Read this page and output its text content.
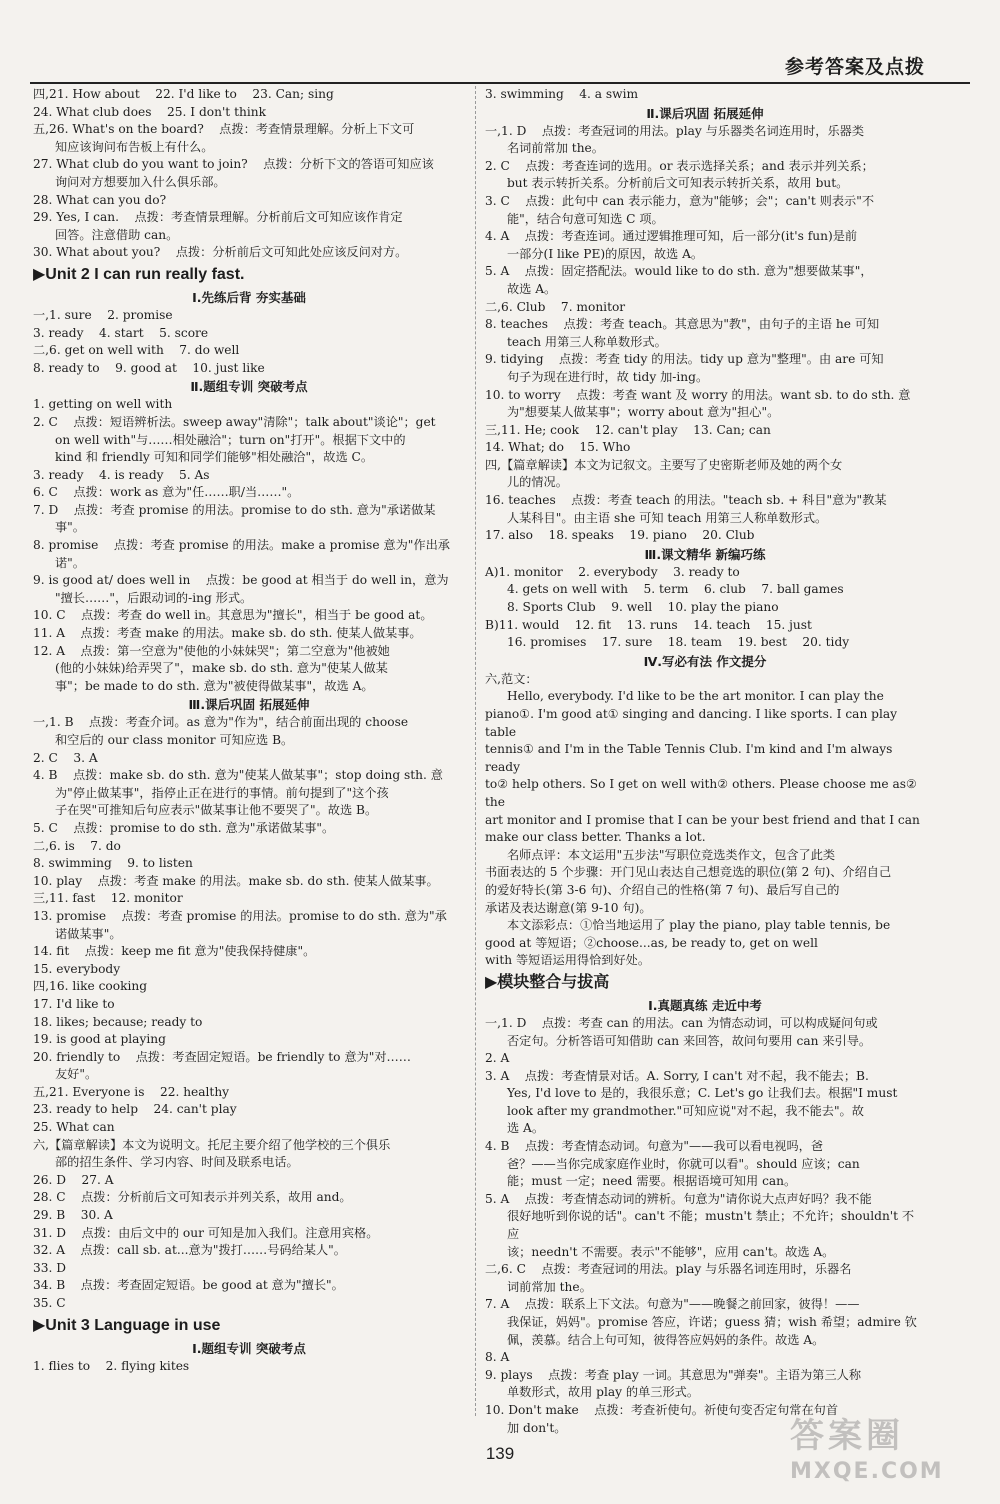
参考答案及点拨
四,21. How about    22. I'd like to    23. Can; sing
24. What club does    25. I don't think
五,26. What's on the board?    点拨：考查情景理解。分析上下文可
知应该询问布告板上有什么。
27. What club do you want to join?    点拨：分析下文的答语可知应该
询问对方想要加入什么俱乐部。
28. What can you do?
29. Yes, I can.    点拨：考查情景理解。分析前后文可知应该作肯定
回答。注意借助 can。
30. What about you?    点拨：分析前后文可知此处应该反问对方。
▶Unit 2 I can run really fast.
Ⅰ.先练后背 夯实基础
一,1. sure    2. promise
3. ready    4. start    5. score
二,6. get on well with    7. do well
8. ready to    9. good at    10. just like
Ⅱ.题组专训 突破考点
1. getting on well with
2. C    点拨：短语辨析法。sweep away"清除"；talk about"谈论"；get
on well with"与……相处融洽"；turn on"打开"。根据下文中的
kind 和 friendly 可知和同学们能够"相处融洽"，故选 C。
3. ready    4. is ready    5. As
6. C    点拨：work as 意为"任……职/当……"。
7. D    点拨：考查 promise 的用法。promise to do sth. 意为"承诺做某
事"。
8. promise    点拨：考查 promise 的用法。make a promise 意为"作出承
诺"。
9. is good at/ does well in    点拨：be good at 相当于 do well in，意为
"擅长……"，后跟动词的-ing 形式。
10. C    点拨：考查 do well in。其意思为"擅长"，相当于 be good at。
11. A    点拨：考查 make 的用法。make sb. do sth. 使某人做某事。
12. A    点拨：第一空意为"使他的小妹妹哭"；第二空意为"他被她
(他的小妹妹)给弄哭了"，make sb. do sth. 意为"使某人做某
事"；be made to do sth. 意为"被使得做某事"，故选 A。
Ⅲ.课后巩固 拓展延伸
一,1. B    点拨：考查介词。as 意为"作为"，结合前面出现的 choose
和空后的 our class monitor 可知应选 B。
2. C    3. A
4. B    点拨：make sb. do sth. 意为"使某人做某事"；stop doing sth. 意
为"停止做某事"，指停止正在进行的事情。前句提到了"这个孩
子在哭"可推知后句应表示"做某事让他不要哭了"。故选 B。
5. C    点拨：promise to do sth. 意为"承诺做某事"。
二,6. is    7. do
8. swimming    9. to listen
10. play    点拨：考查 make 的用法。make sb. do sth. 使某人做某事。
三,11. fast    12. monitor
13. promise    点拨：考查 promise 的用法。promise to do sth. 意为"承
诺做某事"。
14. fit    点拨：keep me fit 意为"使我保持健康"。
15. everybody
四,16. like cooking
17. I'd like to
18. likes; because; ready to
19. is good at playing
20. friendly to    点拨：考查固定短语。be friendly to 意为"对……
友好"。
五,21. Everyone is    22. healthy
23. ready to help    24. can't play
25. What can
六,【篇章解读】本文为说明文。托尼主要介绍了他学校的三个俱乐
部的招生条件、学习内容、时间及联系电话。
26. D    27. A
28. C    点拨：分析前后文可知表示并列关系，故用 and。
29. B    30. A
31. D    点拨：由后文中的 our 可知是加入我们。注意用宾格。
32. A    点拨：call sb. at...意为"拨打……号码给某人"。
33. D
34. B    点拨：考查固定短语。be good at 意为"擅长"。
35. C
▶Unit 3 Language in use
Ⅰ.题组专训 突破考点
1. flies to    2. flying kites
3. swimming    4. a swim
Ⅱ.课后巩固 拓展延伸
一,1. D    点拨：考查冠词的用法。play 与乐器类名词连用时，乐器类
名词前常加 the。
2. C    点拨：考查连词的选用。or 表示选择关系；and 表示并列关系；
but 表示转折关系。分析前后文可知表示转折关系，故用 but。
3. C    点拨：此句中 can 表示能力，意为"能够；会"；can't 则表示"不
能"，结合句意可知选 C 项。
4. A    点拨：考查连词。通过逻辑推理可知，后一部分(it's fun)是前
一部分(I like PE)的原因，故选 A。
5. A    点拨：固定搭配法。would like to do sth. 意为"想要做某事"，
故选 A。
二,6. Club    7. monitor
8. teaches    点拨：考查 teach。其意思为"教"，由句子的主语 he 可知
teach 用第三人称单数形式。
9. tidying    点拨：考查 tidy 的用法。tidy up 意为"整理"。由 are 可知
句子为现在进行时，故 tidy 加-ing。
10. to worry    点拨：考查 want 及 worry 的用法。want sb. to do sth. 意
为"想要某人做某事"；worry about 意为"担心"。
三,11. He; cook    12. can't play    13. Can; can
14. What; do    15. Who
四,【篇章解读】本文为记叙文。主要写了史密斯老师及她的两个女
儿的情况。
16. teaches    点拨：考查 teach 的用法。"teach sb. + 科目"意为"教某
人某科目"。由主语 she 可知 teach 用第三人称单数形式。
17. also    18. speaks    19. piano    20. Club
Ⅲ.课文精华 新编巧练
A)1. monitor    2. everybody    3. ready to
4. gets on well with    5. term    6. club    7. ball games
8. Sports Club    9. well    10. play the piano
B)11. would    12. fit    13. runs    14. teach    15. just
16. promises    17. sure    18. team    19. best    20. tidy
Ⅳ.写必有法 作文提分
六,范文：
Hello, everybody. I'd like to be the art monitor. I can play the
piano①. I'm good at① singing and dancing. I like sports. I can play table
tennis① and I'm in the Table Tennis Club. I'm kind and I'm always ready
to② help others. So I get on well with② others. Please choose me as② the
art monitor and I promise that I can be your best friend and that I can
make our class better. Thanks a lot.
名师点评：本文运用"五步法"写职位竞选类作文，包含了此类
书面表达的 5 个步骤：开门见山表达自己想竞选的职位(第 2 句)、介绍自己
的爱好特长(第 3-6 句)、介绍自己的性格(第 7 句)、最后写自己的
承诺及表达谢意(第 9-10 句)。
本文添彩点：①恰当地运用了 play the piano, play table tennis, be
good at 等短语；②choose...as, be ready to, get on well
with 等短语运用得恰到好处。
▶模块整合与拔高
Ⅰ.真题真练 走近中考
一,1. D    点拨：考查 can 的用法。can 为情态动词，可以构成疑问句或
否定句。分析答语可知借助 can 来回答，故问句要用 can 来引导。
2. A
3. A    点拨：考查情景对话。A. Sorry, I can't 对不起，我不能去；B.
Yes, I'd love to 是的，我很乐意；C. Let's go 让我们去。根据"I must
look after my grandmother."可知应说"对不起，我不能去"。故
选 A。
4. B    点拨：考查情态动词。句意为"——我可以看电视吗，爸
爸？——当你完成家庭作业时，你就可以看"。should 应该；can
能；must 一定；need 需要。根据语境可知用 can。
5. A    点拨：考查情态动词的辨析。句意为"请你说大点声好吗？我不能
很好地听到你说的话"。can't 不能；mustn't 禁止；不允许；shouldn't 不应
该；needn't 不需要。表示"不能够"，应用 can't。故选 A。
二,6. C    点拨：考查冠词的用法。play 与乐器名词连用时，乐器名
词前常加 the。
7. A    点拨：联系上下文法。句意为"——晚餐之前回家，彼得！——
我保证，妈妈"。promise 答应，许诺；guess 猜；wish 希望；admire 钦
佩，羡慕。结合上句可知，彼得答应妈妈的条件。故选 A。
8. A
9. plays    点拨：考查 play 一词。其意思为"弹奏"。主语为第三人称
单数形式，故用 play 的单三形式。
10. Don't make    点拨：考查祈使句。祈使句变否定句常在句首
加 don't。
139	答案圈
MXQE.COM
